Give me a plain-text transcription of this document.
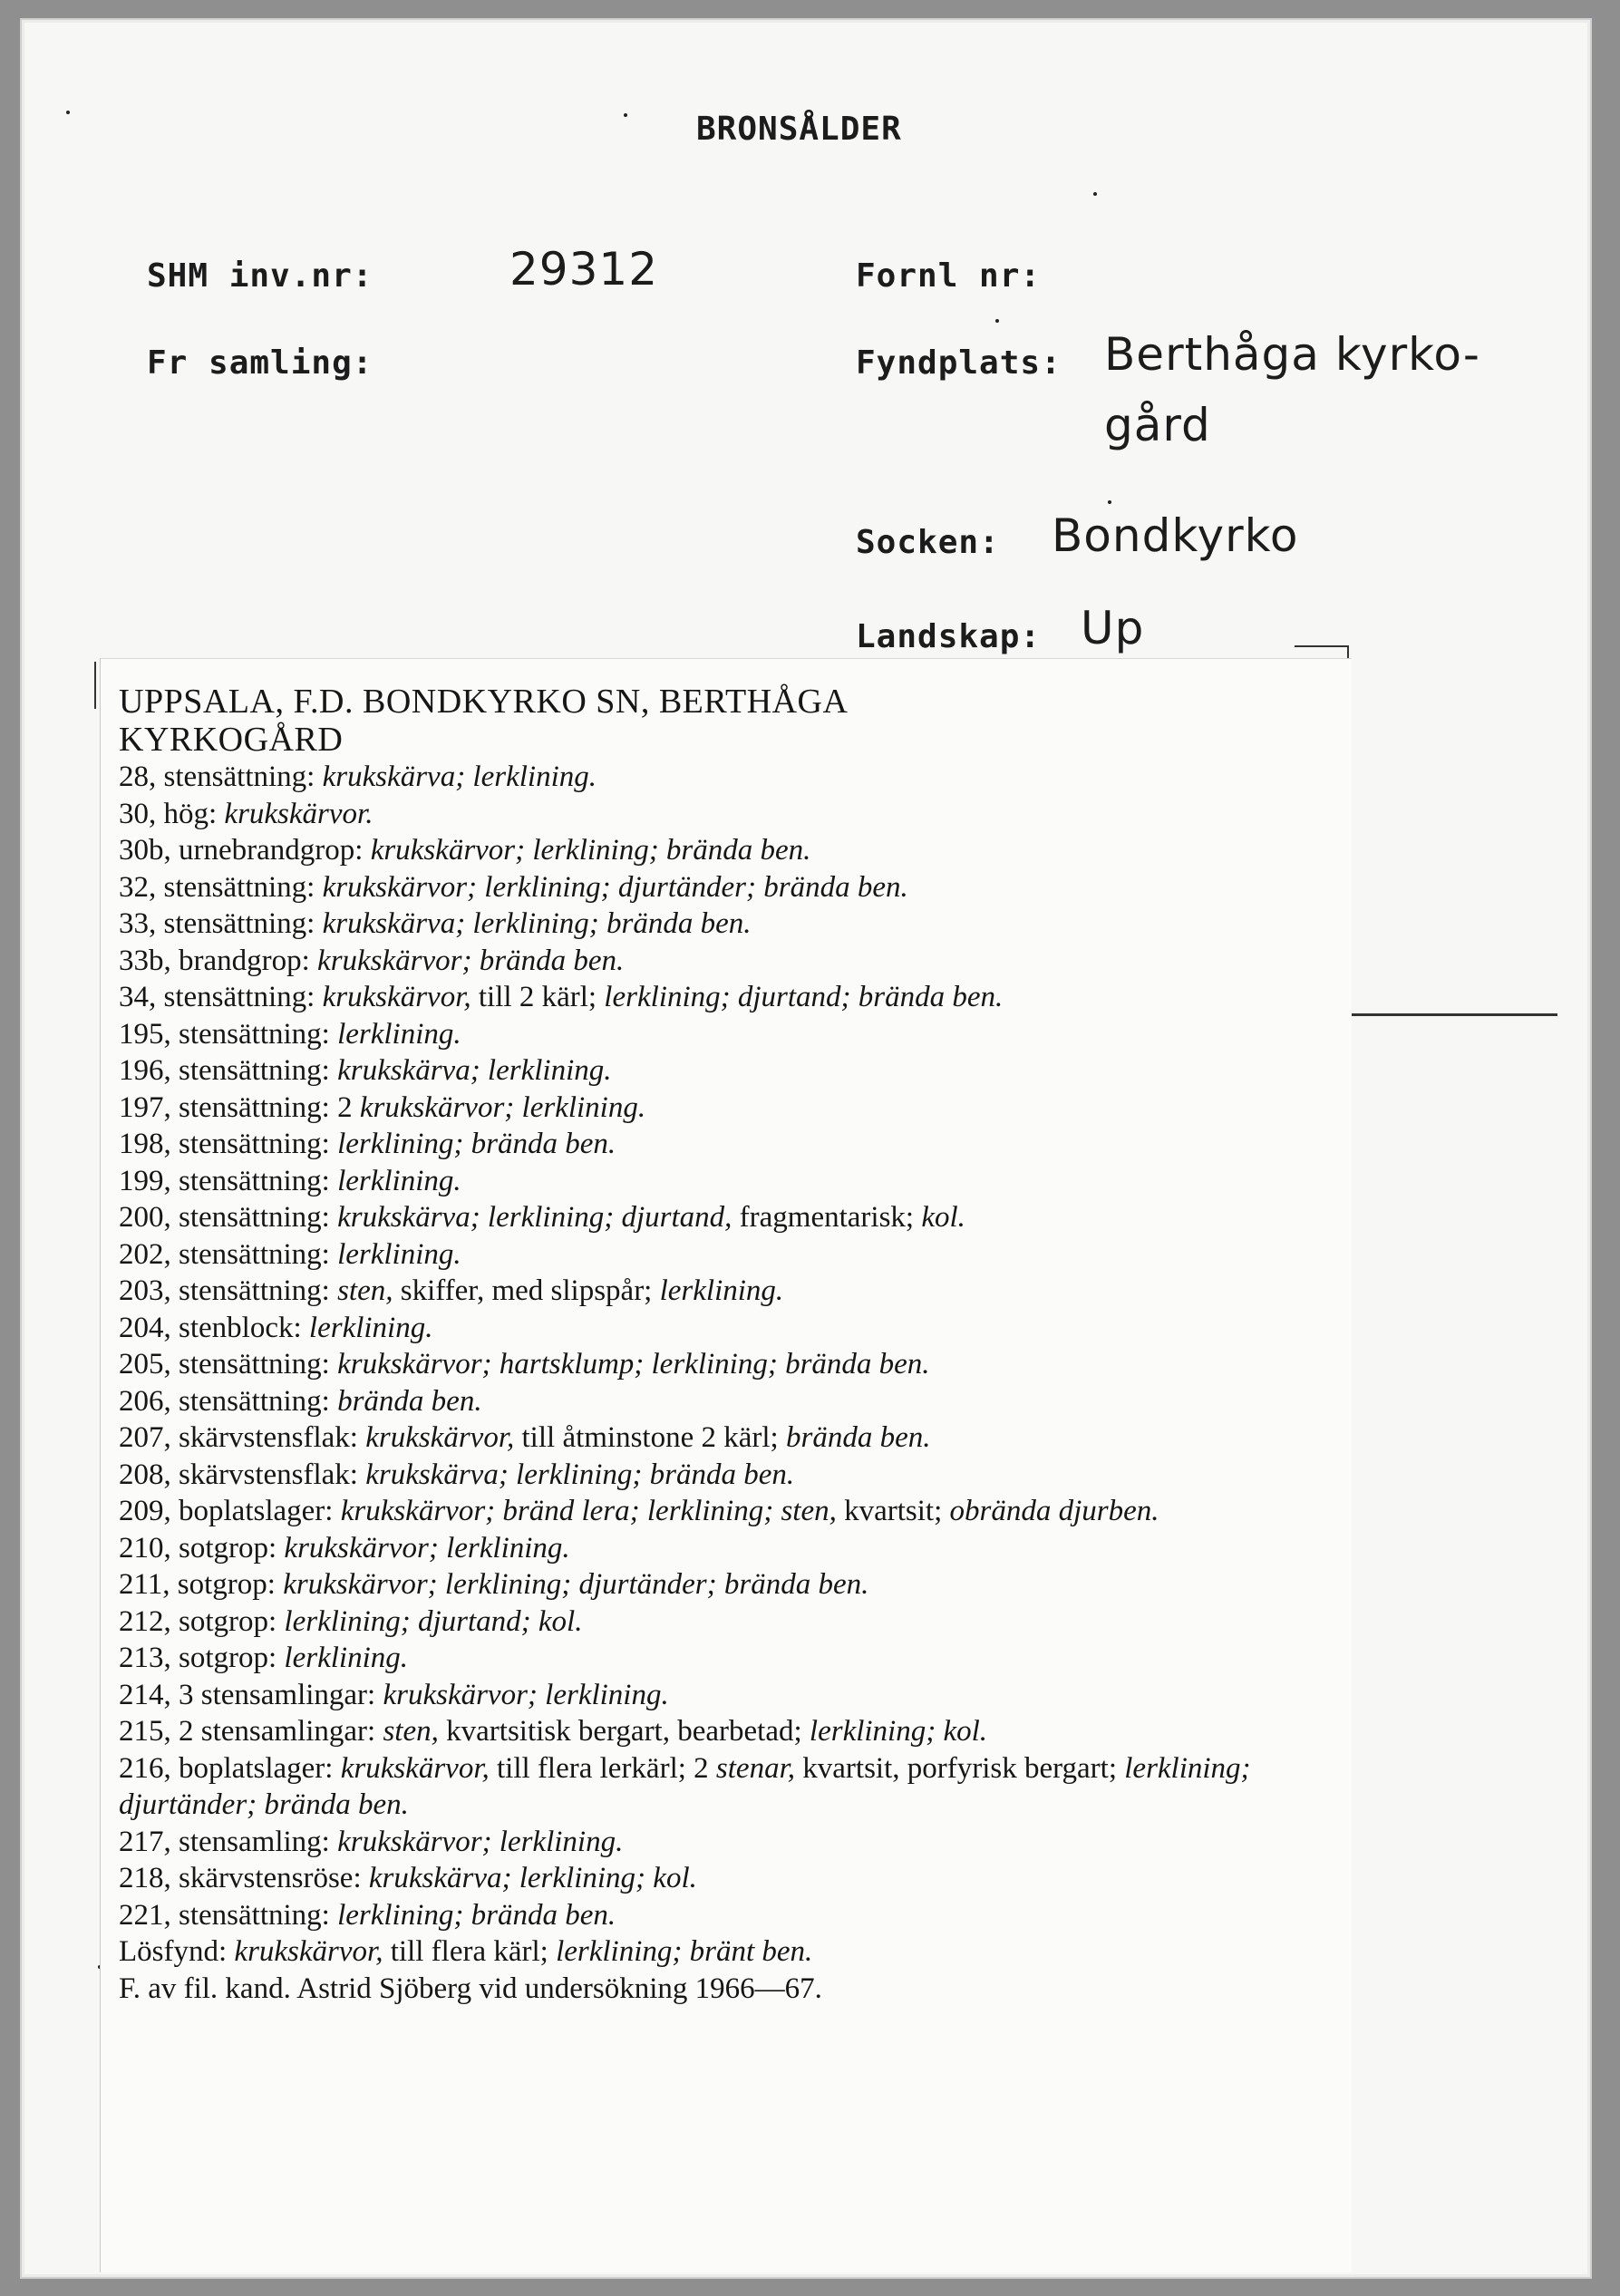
BRONSÅLDER
SHM inv.nr:	29312	Fornl nr:
Fr samling:	Fyndplats: Berthåga kyrko-
gård
Socken: Bondkyrko
Landskap: Up
UPPSALA, F.D. BONDKYRKO SN, BERTHÅGA
KYRKOGÅRD
28, stensättning: krukskärva; lerklining.
30, hög: krukskärvor.
30b, urnebrandgrop: krukskärvor; lerklining; brända ben.
32, stensättning: krukskärvor; lerklining; djurtänder; brända ben.
33, stensättning: krukskärva; lerklining; brända ben.
33b, brandgrop: krukskärvor; brända ben.
34, stensättning: krukskärvor, till 2 kärl; lerklining; djurtand; brända ben.
195, stensättning: lerklining.
196, stensättning: krukskärva; lerklining.
197, stensättning: 2 krukskärvor; lerklining.
198, stensättning: lerklining; brända ben.
199, stensättning: lerklining.
200, stensättning: krukskärva; lerklining; djurtand, fragmentarisk; kol.
202, stensättning: lerklining.
203, stensättning: sten, skiffer, med slipspår; lerklining.
204, stenblock: lerklining.
205, stensättning: krukskärvor; hartsklump; lerklining; brända ben.
206, stensättning: brända ben.
207, skärvstensflak: krukskärvor, till åtminstone 2 kärl; brända ben.
208, skärvstensflak: krukskärva; lerklining; brända ben.
209, boplatslager: krukskärvor; bränd lera; lerklining; sten, kvartsit; obrända djurben.
210, sotgrop: krukskärvor; lerklining.
211, sotgrop: krukskärvor; lerklining; djurtänder; brända ben.
212, sotgrop: lerklining; djurtand; kol.
213, sotgrop: lerklining.
214, 3 stensamlingar: krukskärvor; lerklining.
215, 2 stensamlingar: sten, kvartsitisk bergart, bearbetad; lerklining; kol.
216, boplatslager: krukskärvor, till flera lerkärl; 2 stenar, kvartsit, porfyrisk bergart; lerklining; djurtänder; brända ben.
217, stensamling: krukskärvor; lerklining.
218, skärvstensröse: krukskärva; lerklining; kol.
221, stensättning: lerklining; brända ben.
Lösfynd: krukskärvor, till flera kärl; lerklining; bränt ben.
F. av fil. kand. Astrid Sjöberg vid undersökning 1966—67.
